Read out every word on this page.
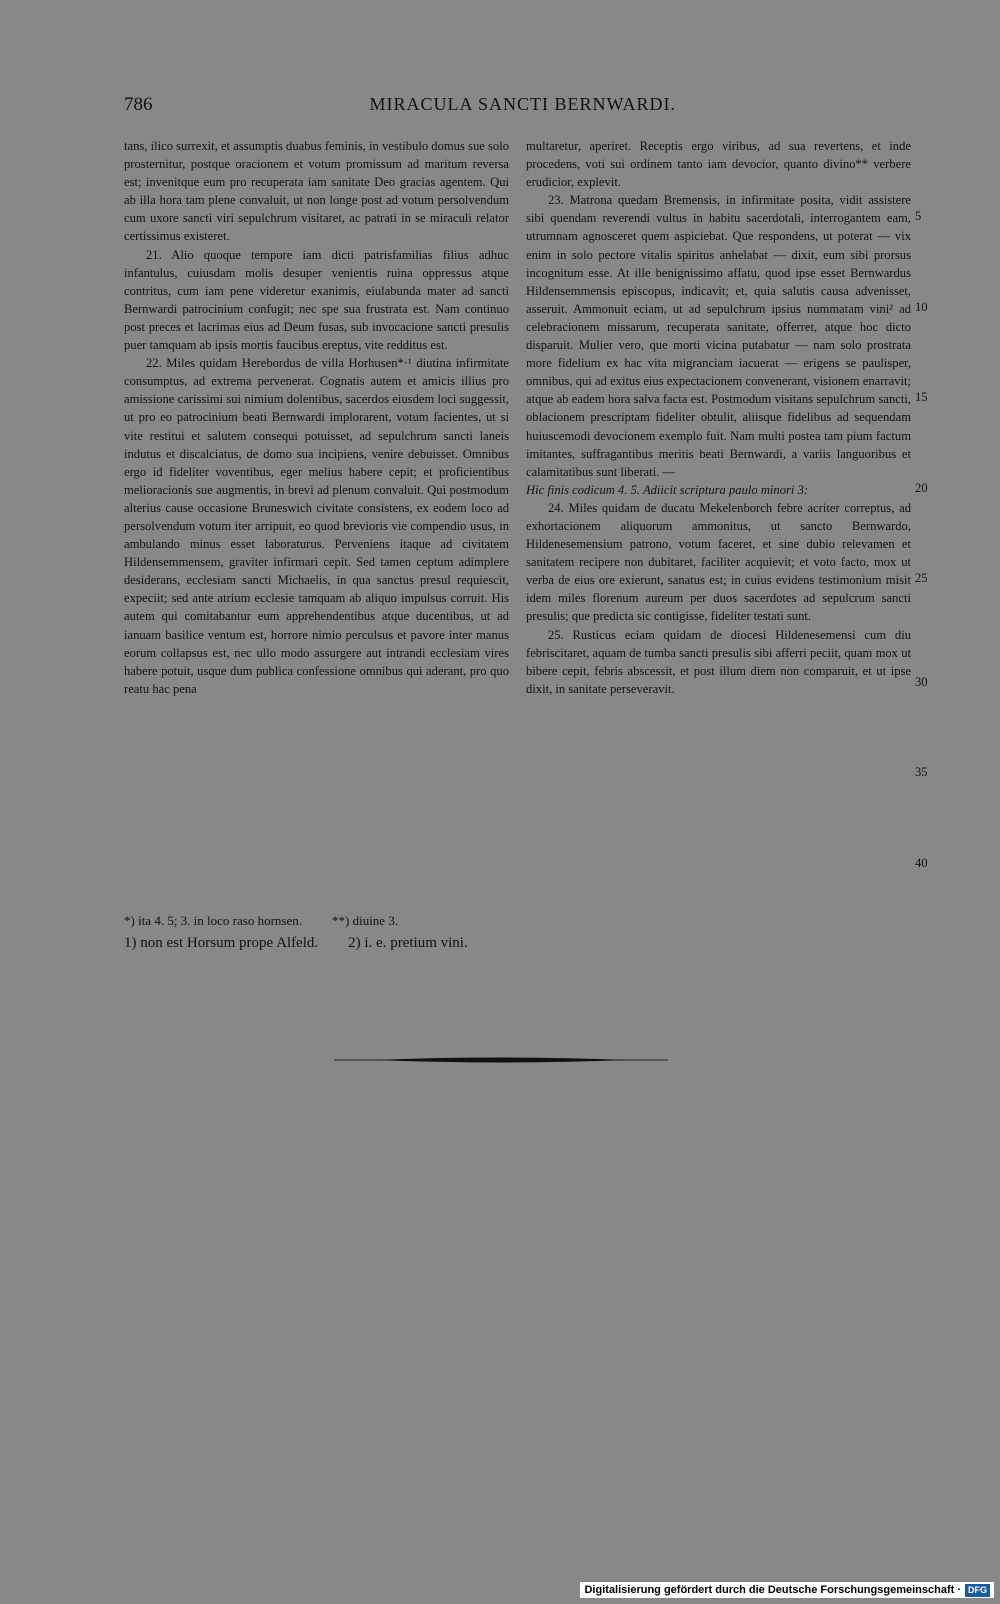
786	MIRACULA SANCTI BERNWARDI.

tans, ilico surrexit, et assumptis duabus feminis, in vestibulo domus sue solo prosternitur, postque oracionem et votum promissum ad maritum reversa est; invenitque eum pro recuperata iam sanitate Deo gracias agentem. Qui ab illa hora tam plene convaluit, ut non longe post ad votum persolvendum cum uxore sancti viri sepulchrum visitaret, ac patrati in se miraculi relator certissimus existeret.

21. Alio quoque tempore iam dicti patrisfamilias filius adhuc infantulus, cuiusdam molis desuper venientis ruina oppressus atque contritus, cum iam pene videretur exanimis, eiulabunda mater ad sancti Bernwardi patrocinium confugit; nec spe sua frustrata est. Nam continuo post preces et lacrimas eius ad Deum fusas, sub invocacione sancti presulis puer tamquam ab ipsis mortis faucibus ereptus, vite redditus est.

22. Miles quidam Herebordus de villa Horhusen*·¹ diutina infirmitate consumptus, ad extrema pervenerat. Cognatis autem et amicis illius pro amissione carissimi sui nimium dolentibus, sacerdos eiusdem loci suggessit, ut pro eo patrocinium beati Bernwardi implorarent, votum facientes, ut si vite restitui et salutem consequi potuisset, ad sepulchrum sancti laneis indutus et discalciatus, de domo sua incipiens, venire debuisset. Omnibus ergo id fideliter voventibus, eger melius habere cepit; et proficientibus melioracionis sue augmentis, in brevi ad plenum convaluit. Qui postmodum alterius cause occasione Bruneswich civitate consistens, ex eodem loco ad persolvendum votum iter arripuit, eo quod brevioris vie compendio usus, in ambulando minus esset laboraturus. Perveniens itaque ad civitatem Hildensemmensem, graviter infirmari cepit. Sed tamen ceptum adimplere desiderans, ecclesiam sancti Michaelis, in qua sanctus presul requiescit, expeciit; sed ante atrium ecclesie tamquam ab aliquo impulsus corruit. His autem qui comitabantur eum apprehendentibus atque ducentibus, ut ad ianuam basilice ventum est, horrore nimio perculsus et pavore inter manus eorum collapsus est, nec ullo modo assurgere aut intrandi ecclesiam vires habere potuit, usque dum publica confessione omnibus qui aderant, pro quo reatu hac pena

multaretur, aperiret. Receptis ergo viribus, ad sua revertens, et inde procedens, voti sui ordinem tanto iam devocior, quanto divino** verbere erudicior, explevit.

23. Matrona quedam Bremensis, in infirmitate posita, vidit assistere sibi quendam reverendi vultus in habitu sacerdotali, interrogantem eam, utrumnam agnosceret quem aspiciebat. Que respondens, ut poterat — vix enim in solo pectore vitalis spiritus anhelabat — dixit, eum sibi prorsus incognitum esse. At ille benignissimo affatu, quod ipse esset Bernwardus Hildensemmensis episcopus, indicavit; et, quia salutis causa advenisset, asseruit. Ammonuit eciam, ut ad sepulchrum ipsius nummatam vini² ad celebracionem missarum, recuperata sanitate, offerret, atque hoc dicto disparuit. Mulier vero, que morti vicina putabatur — nam solo prostrata more fidelium ex hac vita migranciam iacuerat — erigens se paulisper, omnibus, qui ad exitus eius expectacionem convenerant, visionem enarravit; atque ab eadem hora salva facta est. Postmodum visitans sepulchrum sancti, oblacionem prescriptam fideliter obtulit, aliisque fidelibus ad sequendam huiuscemodi devocionem exemplo fuit. Nam multi postea tam pium factum imitantes, suffragantibus meritis beati Bernwardi, a variis languoribus et calamitatibus sunt liberati. —

Hic finis codicum 4. 5. Adiicit scriptura paulo minori 3:

24. Miles quidam de ducatu Mekelenborch febre acriter correptus, ad exhortacionem aliquorum ammonitus, ut sancto Bernwardo, Hildenesemensium patrono, votum faceret, et sine dubio relevamen et sanitatem recipere non dubitaret, faciliter acquievit; et voto facto, mox ut verba de eius ore exierunt, sanatus est; in cuius evidens testimonium misit idem miles florenum aureum per duos sacerdotes ad sepulcrum sancti presulis; que predicta sic contigisse, fideliter testati sunt.

25. Rusticus eciam quidam de diocesi Hildenesemensi cum diu febriscitaret, aquam de tumba sancti presulis sibi afferri peciit, quam mox ut bibere cepit, febris abscessit, et post illum diem non comparuit, et ut ipse dixit, in sanitate perseveravit.

5
10
15
20
25
30
35
40

*) ita 4. 5; 3. in loco raso hornsen. **) diuine 3.

1) non est Horsum prope Alfeld. 2) i. e. pretium vini.

Digitalisierung gefördert durch die Deutsche Forschungsgemeinschaft · DFG
